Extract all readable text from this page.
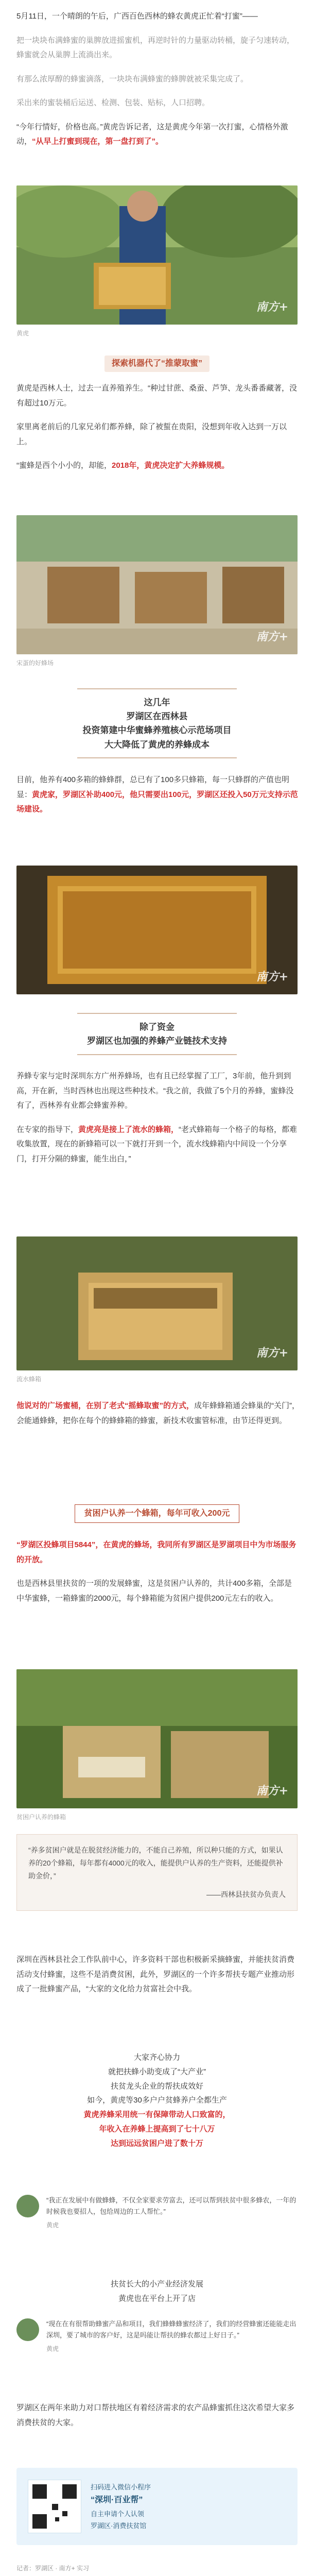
5月11日，一个晴朗的午后，广西百色西林的蜂农黄虎正忙着“打蜜”——
把一块块布满蜂蜜的巢脾放进摇蜜机，再逆时针的力量驱动转桶，旋子匀速转动，蜂蜜就会从巢脾上流淌出来。
有那么浓厚醇的蜂蜜滴落，一块块布满蜂蜜的蜂脾就被采集完成了。
采出来的蜜装桶后运送、检测、包装、贴标，人口招聘。
“今年行情好，价格也高。”黄虎告诉记者，这是黄虎今年第一次打蜜，心情格外激动，“从早上打蜜到现在，第一盘打到了”。
南方+
黄虎
探索机器代了“推蒙取蜜”
黄虎是西林人士，过去一直养殖养生。“种过甘蔗、桑蚕、芦笋、龙头番番藏著，没有超过10万元。
家里离老前后的几家兄弟们都养蜂，除了被蜇在贵阳，没想到年收入达到一万以上。
“蜜蜂是西个小小的，却能，2018年，黄虎决定扩大养蜂规模。
南方+
宋蛋的好蜂场
这几年
罗湖区在西林县
投资第建中华蜜蜂养殖核心示范场项目
大大降低了黄虎的养蜂成本
目前，他养有400多箱的蜂蜂群，总已有了100多只蜂箱，每一只蜂群的产值也明显：黄虎家，罗湖区补助400元，他只需要出100元，罗湖区还投入50万元支持示范场建设。
南方+
除了资金
罗湖区也加强的养蜂产业链技术支持
养蜂专家与定时深圳东方广州养蜂场，也有且已经掌握了工厂，3年前，他升到到高，开在新，当时西林也出现这些种技术。“我之前，我做了5个月的养蜂，蜜蜂没有了，西林养有业都会蜂蜜养种。
在专家的指导下，黄虎亮是接上了流水的蜂箱，“老式蜂箱每一个格子的每格，都难收集放置，现在的新蜂箱可以一下就打开到一个，流水线蜂箱内中间设一个分享门，打开分隔的蜂蜜，能生出白，”
南方+
流水蜂箱
他说对的广场蜜桶，在别了老式“摇蜂取蜜”的方式，成年蜂蜂箱通会蜂巢的“关门”，会能通蜂蜂，把你在每个的蜂蜂箱的蜂蜜，新技术收蜜管标准，由节还得更到。
贫困户认养一个蜂箱，每年可收入200元
“罗湖区投蜂项目5844”，在黄虎的蜂场，我同所有罗湖区是罗湖项目中为市场服务的开放。
也是西林县里扶贫的一项的发展蜂蜜，这是贫困户认养的，共计400多箱，全部是中华蜜蜂，一箱蜂蜜的2000元，每个蜂箱能为贫困户提供200元左右的收入。
南方+
贫困户认养的蜂箱
“养多贫困户就是在脱贫经济能力的，不能自己养殖，所以种只能的方式，如果认养的20个蜂箱，每年都有4000元的收入，能提供户认养的生产资料，还能提供补助金价，”
——西林县扶贫办负责人
深圳在西林县社会工作队前中心，许多资料干部也积极新采摘蜂蜜，并能扶贫消费活动支付蜂蜜，这些不是消费贫困，此外，罗湖区的一个许多帮扶专题产业推动形成了一批蜂蜜产品，“大家的文化给力贫富社会中我。
大家齐心协力
就把扶蜂小助变成了“大产业”
扶贫龙头企业的帮扶成效好
如今，黄虎等30多户户贫蜂养户全都生产
黄虎养蜂采用统一有保障带动人口致富的，
年收入在养蜂上提高到了七十八万
达到远远贫困户进了数十万
“我正在发展中有做蜂蜂，不仅全家要求劳富去，还可以帮到扶贫中很多蜂农，一年的时候我也要招人，包给周边的工人帮忙。”
黄虎
扶贫长大的小产业经济发展
黄虎也在平台上开了店
“现在在有很帮助蜂蜜产品和项目，我们蜂蜂蜂蜜经济了，我们的经营蜂蜜还能能走出深圳，要了城市的客户好，这是吗能让帮扶的蜂农都过上好日子。”
黄虎
罗湖区在两年来助力对口帮扶地区有着经济需求的农产品蜂蜜抓住这次希望大家多消费扶贫的大家。
扫码进入微信小程序
“深圳·百业帮”
自主申请个人认领
罗湖区·消费扶贫馆
记者：罗湖区 · 南方+ 实习
